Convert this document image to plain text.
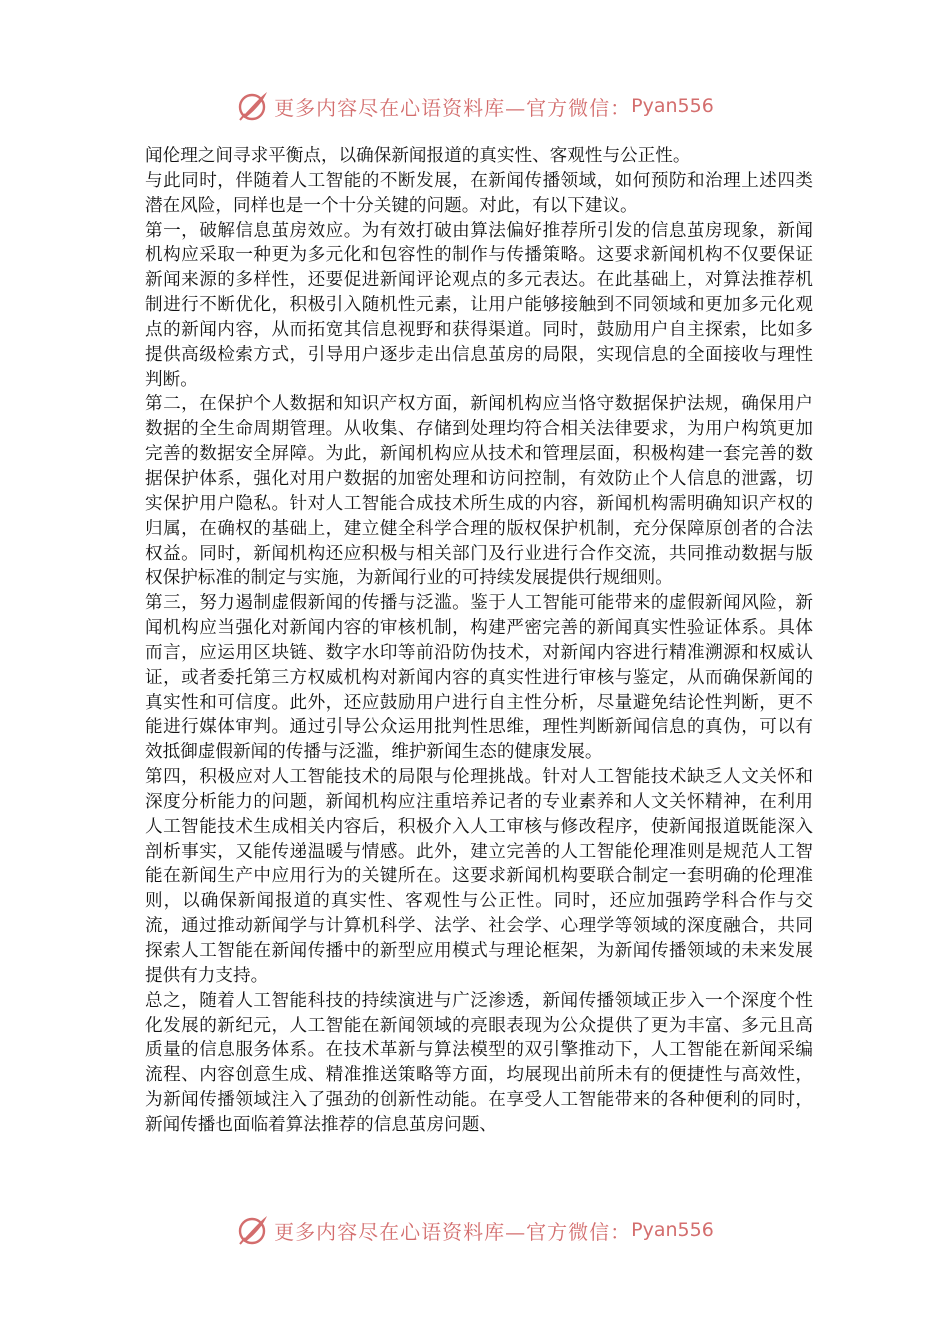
更多内容尽在心语资料库—官方微信： Pyan556

闻伦理之间寻求平衡点，以确保新闻报道的真实性、客观性与公正性。

与此同时，伴随着人工智能的不断发展，在新闻传播领域，如何预防和治理上述四类潜在风险，同样也是一个十分关键的问题。对此，有以下建议。

第一，破解信息茧房效应。为有效打破由算法偏好推荐所引发的信息茧房现象，新闻机构应采取一种更为多元化和包容性的制作与传播策略。这要求新闻机构不仅要保证新闻来源的多样性，还要促进新闻评论观点的多元表达。在此基础上，对算法推荐机制进行不断优化，积极引入随机性元素，让用户能够接触到不同领域和更加多元化观点的新闻内容，从而拓宽其信息视野和获得渠道。同时，鼓励用户自主探索，比如多提供高级检索方式，引导用户逐步走出信息茧房的局限，实现信息的全面接收与理性判断。

第二，在保护个人数据和知识产权方面，新闻机构应当恪守数据保护法规，确保用户数据的全生命周期管理。从收集、存储到处理均符合相关法律要求，为用户构筑更加完善的数据安全屏障。为此，新闻机构应从技术和管理层面，积极构建一套完善的数据保护体系，强化对用户数据的加密处理和访问控制，有效防止个人信息的泄露，切实保护用户隐私。针对人工智能合成技术所生成的内容，新闻机构需明确知识产权的归属，在确权的基础上，建立健全科学合理的版权保护机制，充分保障原创者的合法权益。同时，新闻机构还应积极与相关部门及行业进行合作交流，共同推动数据与版权保护标准的制定与实施，为新闻行业的可持续发展提供行规细则。

第三，努力遏制虚假新闻的传播与泛滥。鉴于人工智能可能带来的虚假新闻风险，新闻机构应当强化对新闻内容的审核机制，构建严密完善的新闻真实性验证体系。具体而言，应运用区块链、数字水印等前沿防伪技术，对新闻内容进行精准溯源和权威认证，或者委托第三方权威机构对新闻内容的真实性进行审核与鉴定，从而确保新闻的真实性和可信度。此外，还应鼓励用户进行自主性分析，尽量避免结论性判断，更不能进行媒体审判。通过引导公众运用批判性思维，理性判断新闻信息的真伪，可以有效抵御虚假新闻的传播与泛滥，维护新闻生态的健康发展。

第四，积极应对人工智能技术的局限与伦理挑战。针对人工智能技术缺乏人文关怀和深度分析能力的问题，新闻机构应注重培养记者的专业素养和人文关怀精神，在利用人工智能技术生成相关内容后，积极介入人工审核与修改程序，使新闻报道既能深入剖析事实，又能传递温暖与情感。此外，建立完善的人工智能伦理准则是规范人工智能在新闻生产中应用行为的关键所在。这要求新闻机构要联合制定一套明确的伦理准则，以确保新闻报道的真实性、客观性与公正性。同时，还应加强跨学科合作与交流，通过推动新闻学与计算机科学、法学、社会学、心理学等领域的深度融合，共同探索人工智能在新闻传播中的新型应用模式与理论框架，为新闻传播领域的未来发展提供有力支持。

总之，随着人工智能科技的持续演进与广泛渗透，新闻传播领域正步入一个深度个性化发展的新纪元，人工智能在新闻领域的亮眼表现为公众提供了更为丰富、多元且高质量的信息服务体系。在技术革新与算法模型的双引擎推动下，人工智能在新闻采编流程、内容创意生成、精准推送策略等方面，均展现出前所未有的便捷性与高效性，为新闻传播领域注入了强劲的创新性动能。在享受人工智能带来的各种便利的同时，新闻传播也面临着算法推荐的信息茧房问题、

更多内容尽在心语资料库—官方微信： Pyan556
